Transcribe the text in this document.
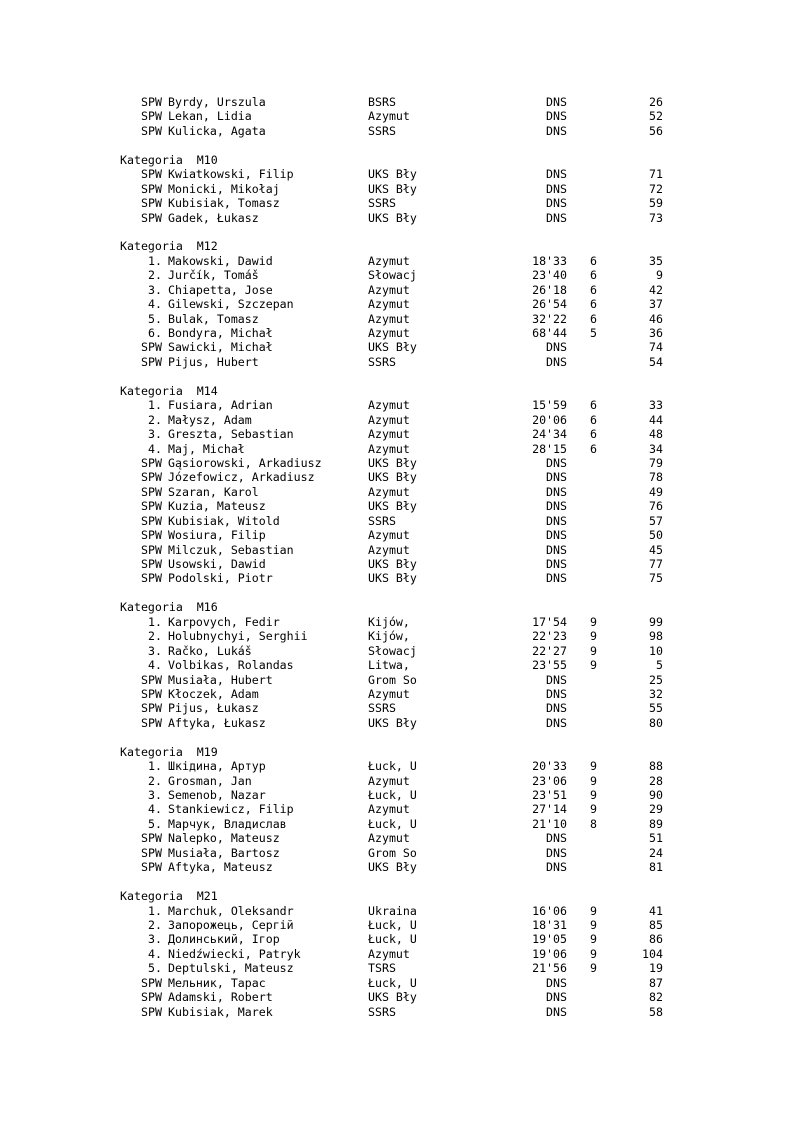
SPW Byrdy, Urszula	BSRS	DNS	26
SPW Lekan, Lidia	Azymut	DNS	52
SPW Kulicka, Agata	SSRS	DNS	56
Kategoria  M10
SPW Kwiatkowski, Filip	UKS Bły	DNS	71
SPW Monicki, Mikołaj	UKS Bły	DNS	72
SPW Kubisiak, Tomasz	SSRS	DNS	59
SPW Gadek, Łukasz	UKS Bły	DNS	73
Kategoria  M12
1. Makowski, Dawid	Azymut	18'33 6	35
2. Jurčík, Tomáš	Słowacj	23'40 6	9
3. Chiapetta, Jose	Azymut	26'18 6	42
4. Gilewski, Szczepan	Azymut	26'54 6	37
5. Bulak, Tomasz	Azymut	32'22 6	46
6. Bondyra, Michał	Azymut	68'44 5	36
SPW Sawicki, Michał	UKS Bły	DNS	74
SPW Pijus, Hubert	SSRS	DNS	54
Kategoria  M14
1. Fusiara, Adrian	Azymut	15'59 6	33
2. Małysz, Adam	Azymut	20'06 6	44
3. Greszta, Sebastian	Azymut	24'34 6	48
4. Maj, Michał	Azymut	28'15 6	34
SPW Gąsiorowski, Arkadiusz	UKS Bły	DNS	79
SPW Józefowicz, Arkadiusz	UKS Bły	DNS	78
SPW Szaran, Karol	Azymut	DNS	49
SPW Kuzia, Mateusz	UKS Bły	DNS	76
SPW Kubisiak, Witold	SSRS	DNS	57
SPW Wosiura, Filip	Azymut	DNS	50
SPW Milczuk, Sebastian	Azymut	DNS	45
SPW Usowski, Dawid	UKS Bły	DNS	77
SPW Podolski, Piotr	UKS Bły	DNS	75
Kategoria  M16
1. Karpovych, Fedir	Kijów,	17'54 9	99
2. Holubnychyi, Serghii	Kijów,	22'23 9	98
3. Račko, Lukáš	Słowacj	22'27 9	10
4. Volbikas, Rolandas	Litwa,	23'55 9	5
SPW Musiała, Hubert	Grom So	DNS	25
SPW Kłoczek, Adam	Azymut	DNS	32
SPW Pijus, Łukasz	SSRS	DNS	55
SPW Aftyka, Łukasz	UKS Bły	DNS	80
Kategoria  M19
1. Шкідина, Артур	Łuck, U	20'33 9	88
2. Grosman, Jan	Azymut	23'06 9	28
3. Semenob, Nazar	Łuck, U	23'51 9	90
4. Stankiewicz, Filip	Azymut	27'14 9	29
5. Марчук, Владислав	Łuck, U	21'10 8	89
SPW Nalepko, Mateusz	Azymut	DNS	51
SPW Musiała, Bartosz	Grom So	DNS	24
SPW Aftyka, Mateusz	UKS Bły	DNS	81
Kategoria  M21
1. Marchuk, Oleksandr	Ukraina	16'06 9	41
2. Запорожець, Сергій	Łuck, U	18'31 9	85
3. Долинський, Ігор	Łuck, U	19'05 9	86
4. Niedźwiecki, Patryk	Azymut	19'06 9	104
5. Deptulski, Mateusz	TSRS	21'56 9	19
SPW Мельник, Тарас	Łuck, U	DNS	87
SPW Adamski, Robert	UKS Bły	DNS	82
SPW Kubisiak, Marek	SSRS	DNS	58
